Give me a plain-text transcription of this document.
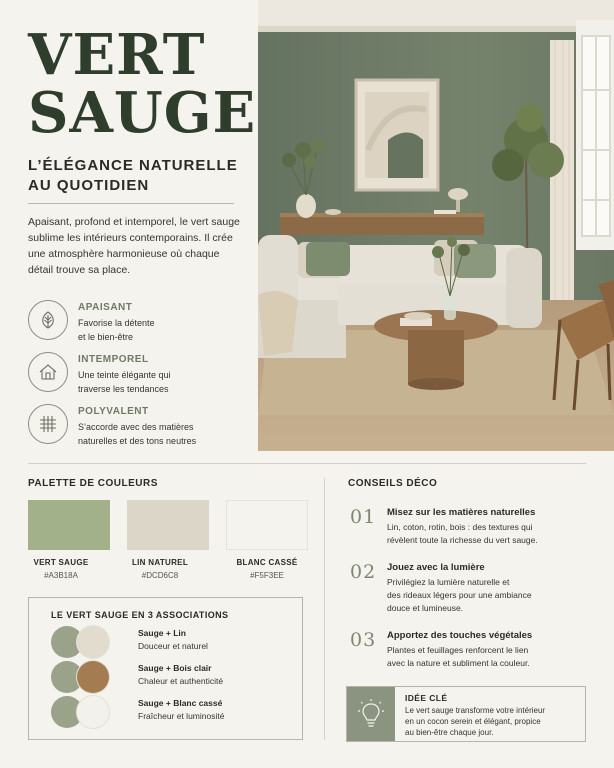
VERT
SAUGE
L’ÉLÉGANCE NATURELLE
AU QUOTIDIEN
Apaisant, profond et intemporel, le vert sauge sublime les intérieurs contemporains. Il crée une atmosphère harmonieuse où chaque détail trouve sa place.
APAISANT
Favorise la détente
et le bien-être
INTEMPOREL
Une teinte élégante qui
traverse les tendances
POLYVALENT
S’accorde avec des matières
naturelles et des tons neutres
PALETTE DE COULEURS
VERT SAUGE	LIN NATUREL	BLANC CASSÉ
#A3B18A	#DCD6C8	#F5F3EE
LE VERT SAUGE EN 3 ASSOCIATIONS
Sauge + Lin
Douceur et naturel
Sauge + Bois clair
Chaleur et authenticité
Sauge + Blanc cassé
Fraîcheur et luminosité
CONSEILS DÉCO
01 Misez sur les matières naturelles
Lin, coton, rotin, bois : des textures qui
révèlent toute la richesse du vert sauge.
02 Jouez avec la lumière
Privilégiez la lumière naturelle et
des rideaux légers pour une ambiance
douce et lumineuse.
03 Apportez des touches végétales
Plantes et feuillages renforcent le lien
avec la nature et subliment la couleur.
IDÉE CLÉ
Le vert sauge transforme votre intérieur
en un cocon serein et élégant, propice
au bien-être chaque jour.
